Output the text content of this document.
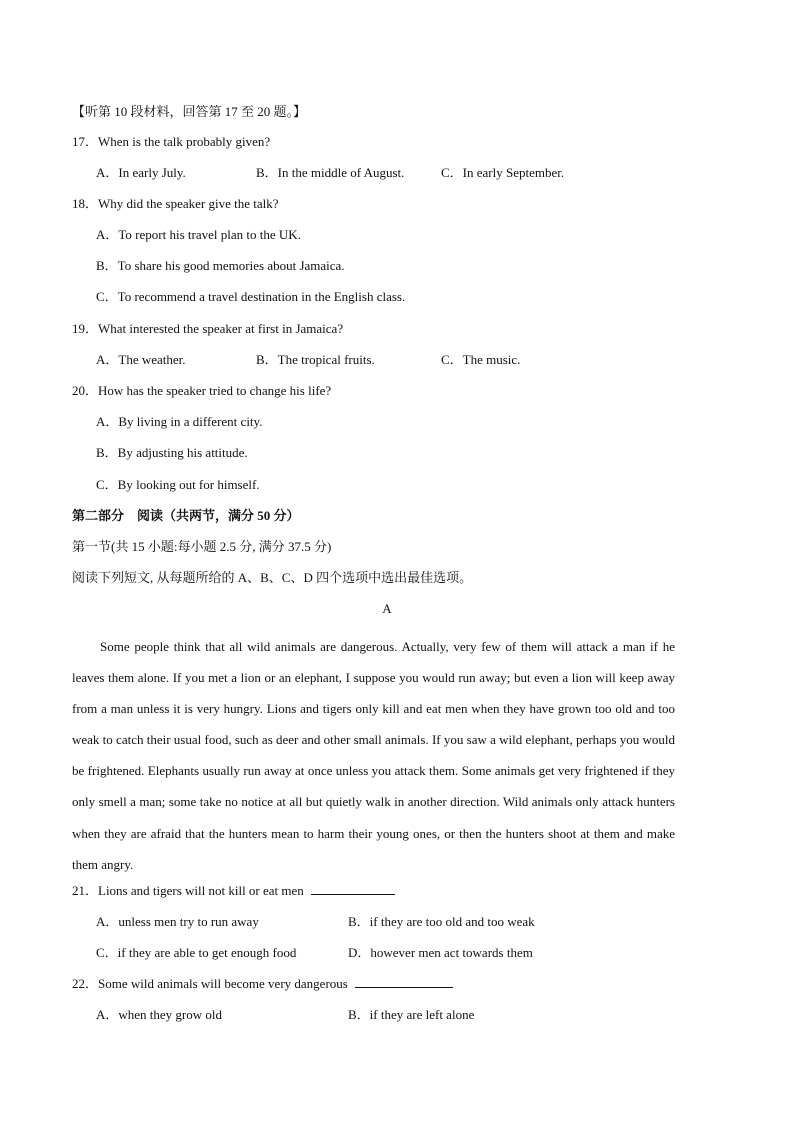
【听第 10 段材料，回答第 17 至 20 题。】
17．When is the talk probably given?
A．In early July.	B．In the middle of August.	C．In early September.
18．Why did the speaker give the talk?
A．To report his travel plan to the UK.
B．To share his good memories about Jamaica.
C．To recommend a travel destination in the English class.
19．What interested the speaker at first in Jamaica?
A．The weather.	B．The tropical fruits.	C．The music.
20．How has the speaker tried to change his life?
A．By living in a different city.
B．By adjusting his attitude.
C．By looking out for himself.
第二部分　阅读（共两节，满分 50 分）
第一节(共 15 小题:每小题 2.5 分, 满分 37.5 分)
阅读下列短文, 从每题所给的 A、B、C、D 四个选项中选出最佳选项。
A
Some people think that all wild animals are dangerous. Actually, very few of them will attack a man if he leaves them alone. If you met a lion or an elephant, I suppose you would run away; but even a lion will keep away from a man unless it is very hungry. Lions and tigers only kill and eat men when they have grown too old and too weak to catch their usual food, such as deer and other small animals. If you saw a wild elephant, perhaps you would be frightened. Elephants usually run away at once unless you attack them. Some animals get very frightened if they only smell a man; some take no notice at all but quietly walk in another direction. Wild animals only attack hunters when they are afraid that the hunters mean to harm their young ones, or then the hunters shoot at them and make them angry.
21．Lions and tigers will not kill or eat men
A．unless men try to run away	B．if they are too old and too weak
C．if they are able to get enough food	D．however men act towards them
22．Some wild animals will become very dangerous
A．when they grow old	B．if they are left alone
